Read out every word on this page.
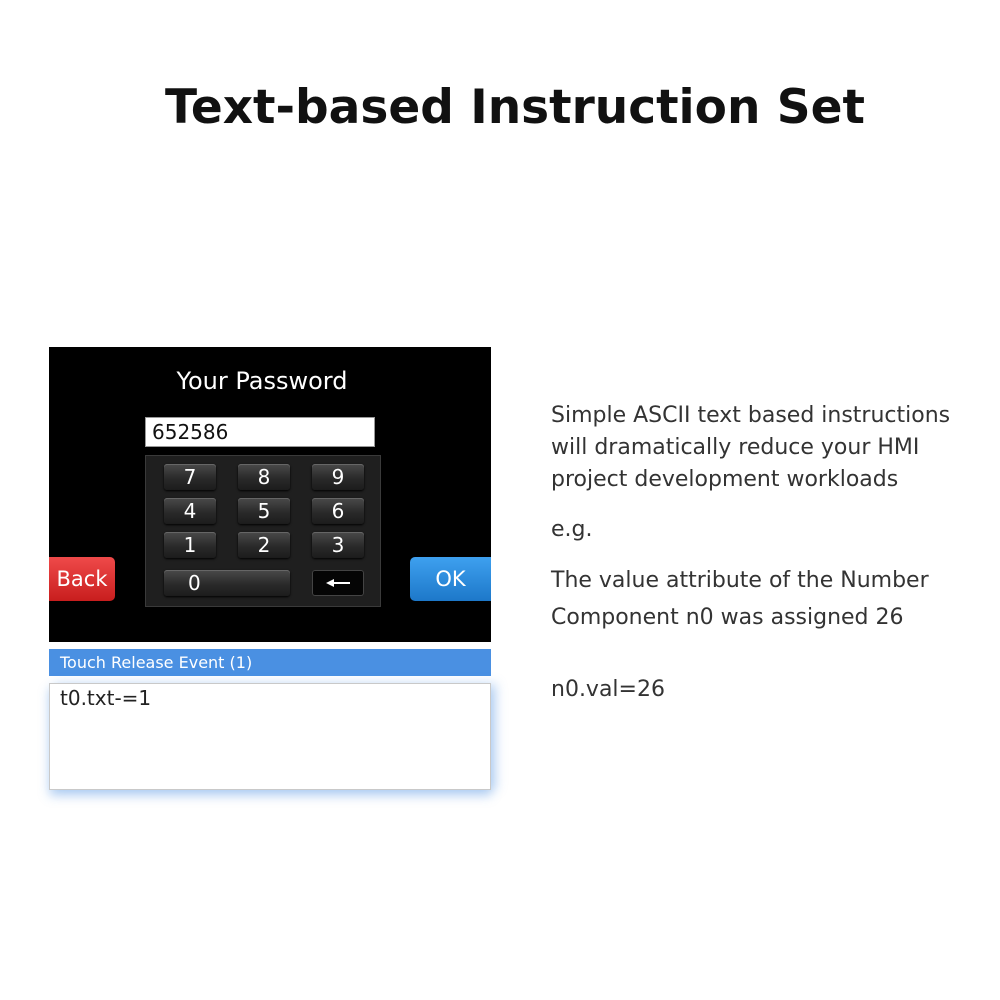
Text-based Instruction Set
Your Password
652586
7	8	9
4	5	6
1	2	3
0
Back	OK
Touch Release Event (1)
t0.txt-=1
Simple ASCII text based instructions will dramatically reduce your HMI project development workloads
e.g.
The value attribute of the Number Component n0 was assigned 26
n0.val=26
